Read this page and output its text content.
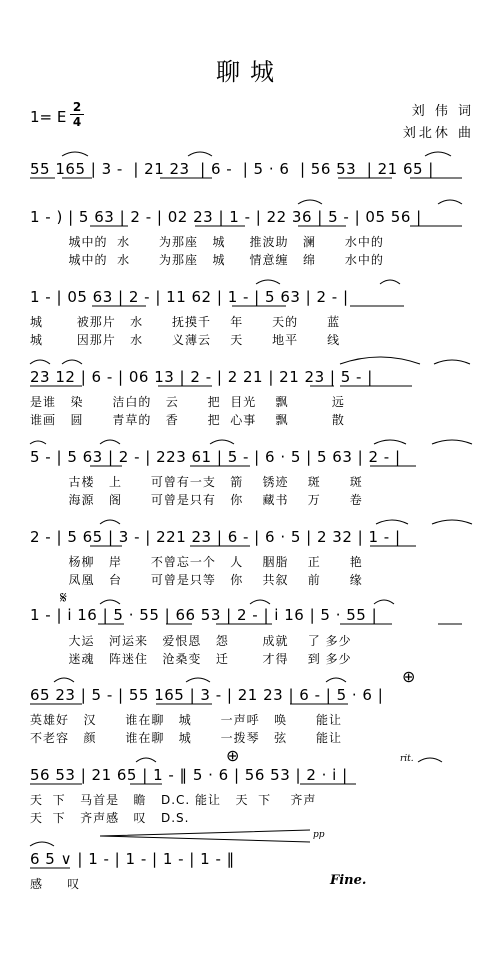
聊城
1= E
2
4
刘 伟 词
刘北休 曲
55 165 | 3 -  | 21 23  | 6 -  | 5 · 6  | 56 53  | 21 65 |
1 - ) | 5 63 | 2 - | 02 23 | 1 - | 22 36 | 5 - | 05 56 |
城中的  水      为那座   城     推波助   澜      水中的
城中的  水      为那座   城     情意缠   绵      水中的
1 - | 05 63 | 2 - | 11 62 | 1 - | 5 63 | 2 - |
城       被那片   水      抚摸千    年      天的      蓝
城       因那片   水      义薄云    天      地平      线
23 12 | 6 - | 06 13 | 2 - | 2 21 | 21 23 | 5 - |
是谁   染      洁白的   云      把  目光    飘         远
谁画   圆      青草的   香      把  心事    飘         散
5 - | 5 63 | 2 - | 223 61 | 5 - | 6 · 5 | 5 63 | 2 - |
古楼   上      可曾有一支   箭    锈迹    斑      斑
海源   阁      可曾是只有   你    藏书    万      卷
2 - | 5 65 | 3 - | 221 23 | 6 - | 6 · 5 | 2 32 | 1 - |
杨柳   岸      不曾忘一个   人    胭脂    正      艳
凤凰   台      可曾是只等   你    共叙    前      缘
𝄋
1 - | i 16 | 5 · 55 | 66 53 | 2 - | i 16 | 5 · 55 |
大运   河运来   爱恨恩   怨       成就    了 多少
迷魂   阵迷住   沧桑变   迁       才得    到 多少
⊕
65 23 | 5 - | 55 165 | 3 - | 21 23 | 6 - | 5 · 6 |
英雄好   汉      谁在聊   城      一声呼   唤      能让
不老容   颜      谁在聊   城      一拨琴   弦      能让
⊕	rit.
56 53 | 21 65 | 1 - ‖ 5 · 6 | 56 53 | 2 · i |
天  下   马首是   瞻   D.C. 能让   天  下    齐声
天  下   齐声感   叹   D.S.
pp
6 5 ∨ | 1 - | 1 - | 1 - | 1 - ‖
感     叹	Fine.
